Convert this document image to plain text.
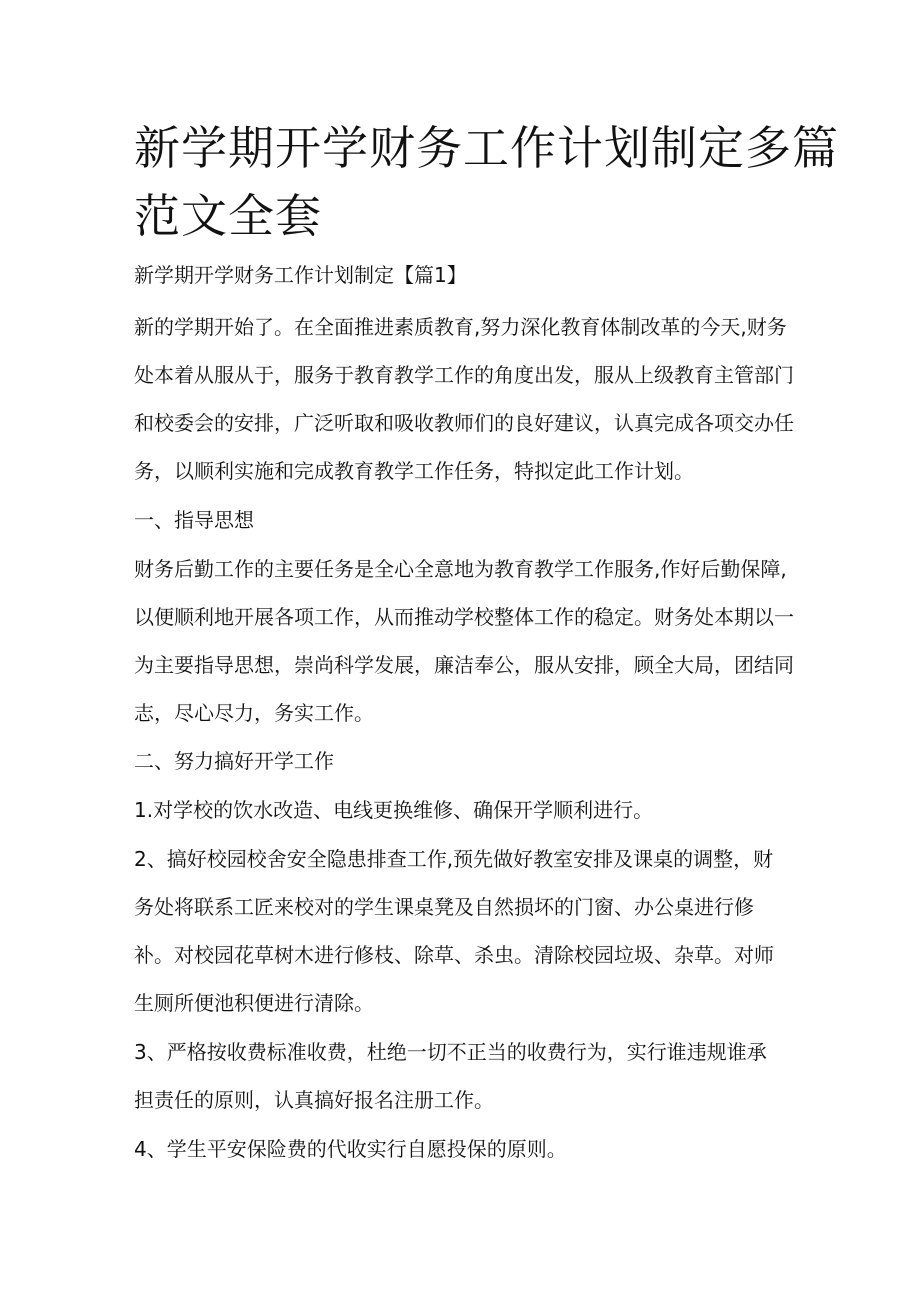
新学期开学财务工作计划制定多篇
范文全套

新学期开学财务工作计划制定【篇1】

新的学期开始了。在全面推进素质教育,努力深化教育体制改革的今天,财务

处本着从服从于，服务于教育教学工作的角度出发，服从上级教育主管部门

和校委会的安排，广泛听取和吸收教师们的良好建议，认真完成各项交办任

务，以顺利实施和完成教育教学工作任务，特拟定此工作计划。

一、指导思想

财务后勤工作的主要任务是全心全意地为教育教学工作服务,作好后勤保障,

以便顺利地开展各项工作，从而推动学校整体工作的稳定。财务处本期以一

为主要指导思想，崇尚科学发展，廉洁奉公，服从安排，顾全大局，团结同

志，尽心尽力，务实工作。

二、努力搞好开学工作

1.对学校的饮水改造、电线更换维修、确保开学顺利进行。

2、搞好校园校舍安全隐患排查工作,预先做好教室安排及课桌的调整，财

务处将联系工匠来校对的学生课桌凳及自然损坏的门窗、办公桌进行修

补。对校园花草树木进行修枝、除草、杀虫。清除校园垃圾、杂草。对师

生厕所便池积便进行清除。

3、严格按收费标准收费，杜绝一切不正当的收费行为，实行谁违规谁承

担责任的原则，认真搞好报名注册工作。

4、学生平安保险费的代收实行自愿投保的原则。
